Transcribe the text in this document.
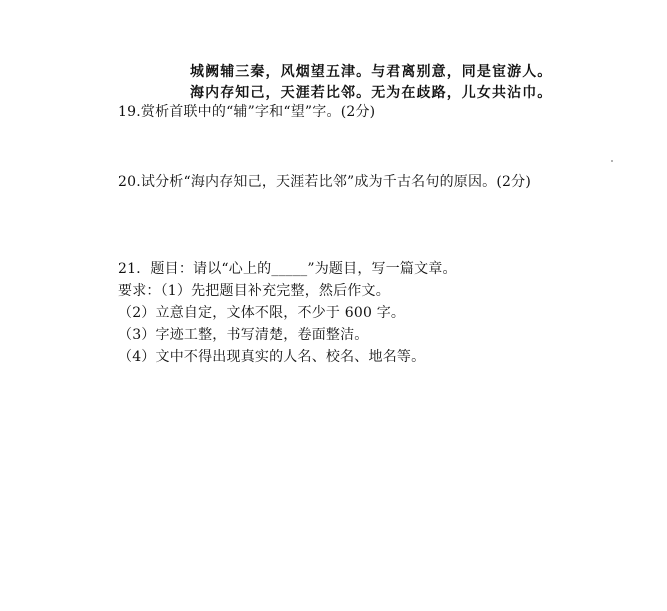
城阙辅三秦，风烟望五津。与君离别意，同是宦游人。
海内存知己，天涯若比邻。无为在歧路，儿女共沾巾。
19.赏析首联中的“辅”字和“望”字。(2分)
20.试分析“海内存知己，天涯若比邻”成为千古名句的原因。(2分)
21．题目：请以“心上的_____”为题目，写一篇文章。
要求：（1）先把题目补充完整，然后作文。
（2）立意自定，文体不限，不少于 600 字。
（3）字迹工整，书写清楚，卷面整洁。
（4）文中不得出现真实的人名、校名、地名等。
